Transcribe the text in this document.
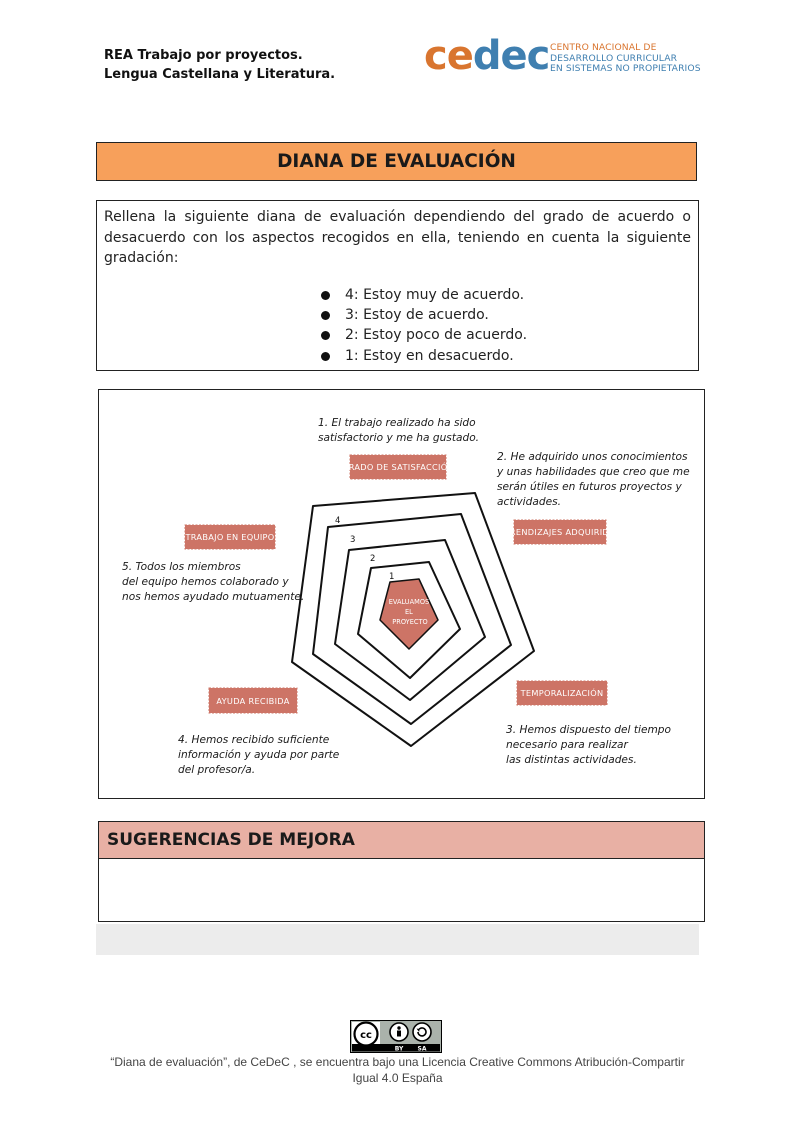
REA Trabajo por proyectos.
Lengua Castellana y Literatura. cedec CENTRO NACIONAL DE
DESARROLLO CURRICULAR
EN SISTEMAS NO PROPIETARIOS
DIANA DE EVALUACIÓN
Rellena la siguiente diana de evaluación dependiendo del grado de acuerdo o desacuerdo con los aspectos recogidos en ella, teniendo en cuenta la siguiente gradación:
4: Estoy muy de acuerdo.
3: Estoy de acuerdo.
2: Estoy poco de acuerdo.
1: Estoy en desacuerdo.
4
3
2
1
EVALUAMOS EL PROYECTO
1. El trabajo realizado ha sido satisfactorio y me ha gustado.
GRADO DE SATISFACCIÓN
2. He adquirido unos conocimientos y unas habilidades que creo que me serán útiles en futuros proyectos y actividades.
APRENDIZAJES ADQUIRIDOS
TEMPORALIZACIÓN
3. Hemos dispuesto del tiempo necesario para realizar las distintas actividades.
AYUDA RECIBIDA
4. Hemos recibido suficiente información y ayuda por parte del profesor/a.
TRABAJO EN EQUIPO
5. Todos los miembros del equipo hemos colaborado y nos hemos ayudado mutuamente.
SUGERENCIAS DE MEJORA
cc
BY SA
“Diana de evaluación”, de CeDeC , se encuentra bajo una Licencia Creative Commons Atribución-Compartir
Igual 4.0 España
